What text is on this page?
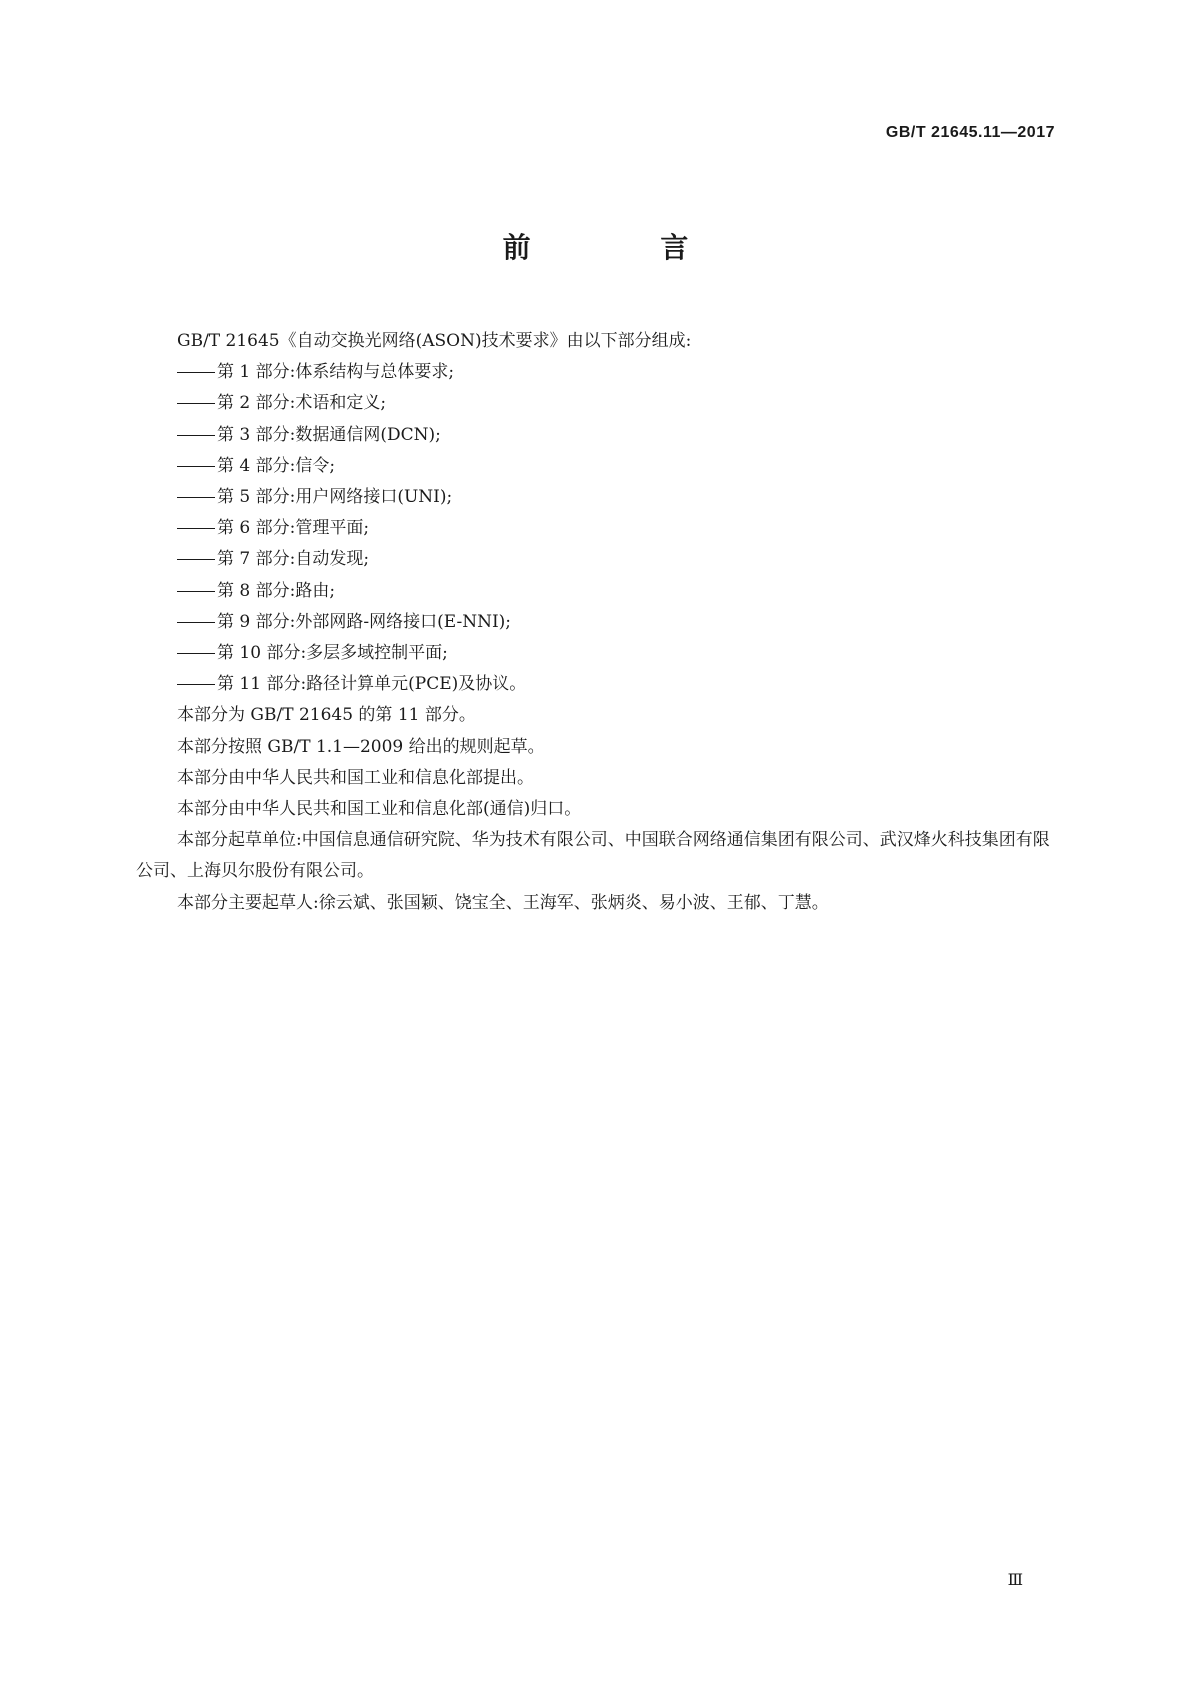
GB/T 21645.11—2017
前 言

GB/T 21645《自动交换光网络(ASON)技术要求》由以下部分组成:

第 1 部分:体系结构与总体要求;

第 2 部分:术语和定义;

第 3 部分:数据通信网(DCN);

第 4 部分:信令;

第 5 部分:用户网络接口(UNI);

第 6 部分:管理平面;

第 7 部分:自动发现;

第 8 部分:路由;

第 9 部分:外部网路-网络接口(E-NNI);

第 10 部分:多层多域控制平面;

第 11 部分:路径计算单元(PCE)及协议。

本部分为 GB/T 21645 的第 11 部分。

本部分按照 GB/T 1.1—2009 给出的规则起草。

本部分由中华人民共和国工业和信息化部提出。

本部分由中华人民共和国工业和信息化部(通信)归口。

本部分起草单位:中国信息通信研究院、华为技术有限公司、中国联合网络通信集团有限公司、武汉烽火科技集团有限公司、上海贝尔股份有限公司。

本部分主要起草人:徐云斌、张国颖、饶宝全、王海军、张炳炎、易小波、王郁、丁慧。

Ⅲ
